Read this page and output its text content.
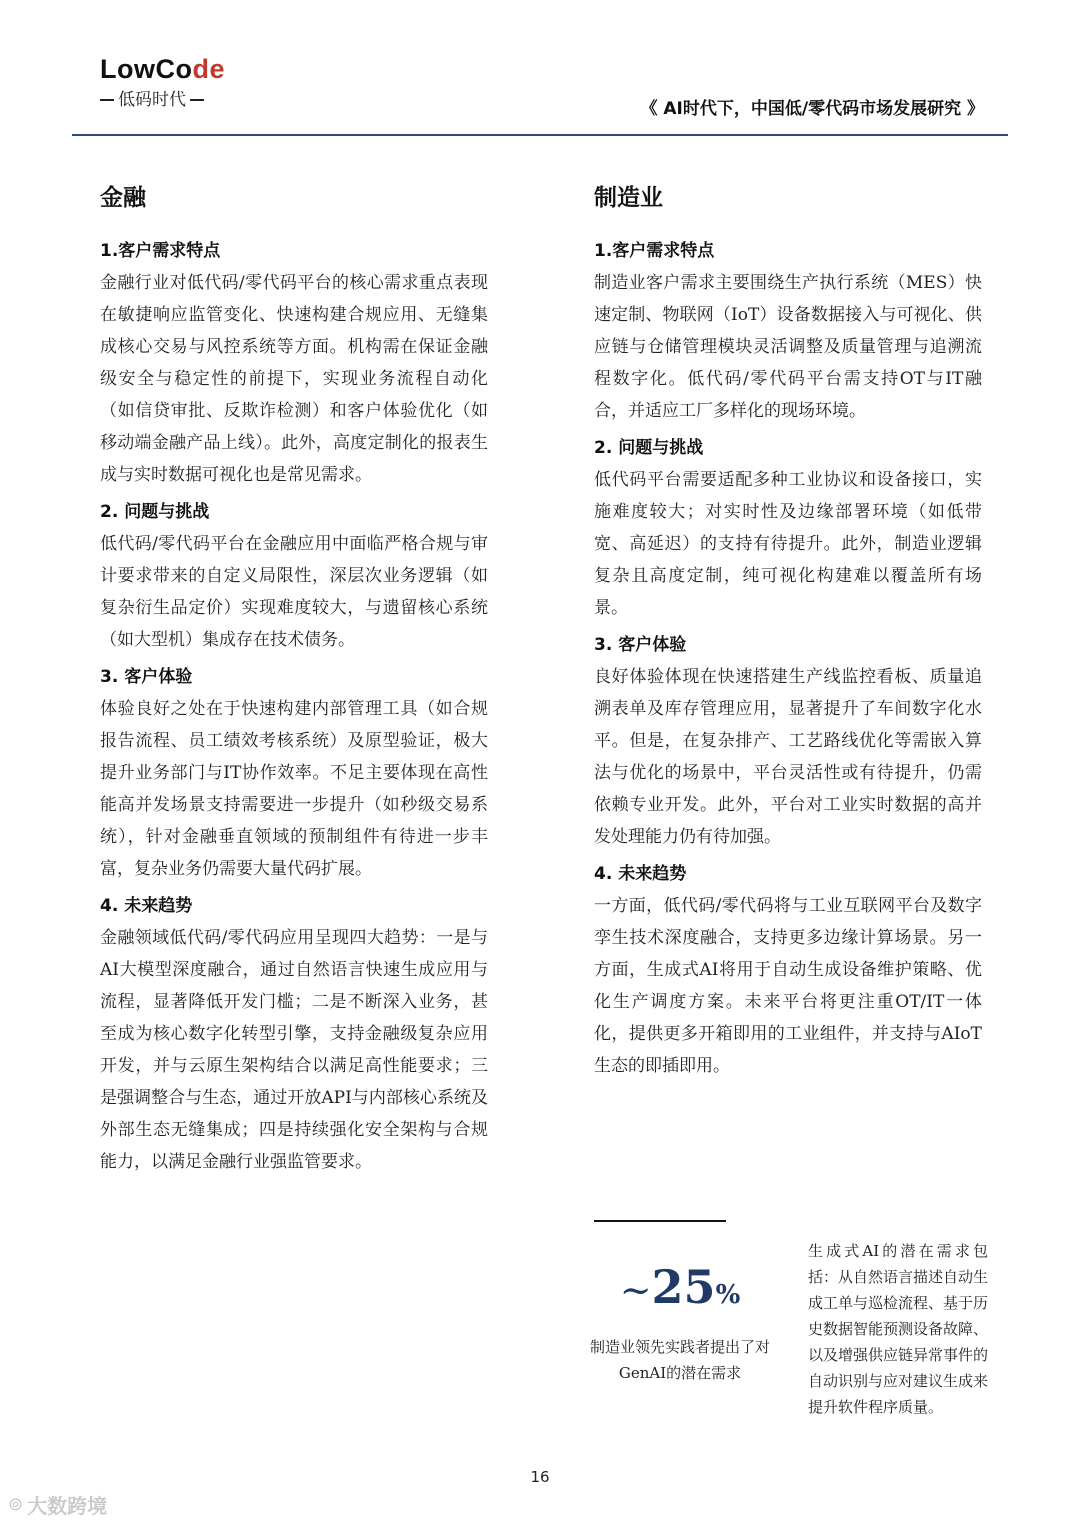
LowCode
低码时代	《 AI时代下，中国低/零代码市场发展研究 》
金融
1.客户需求特点

金融行业对低代码/零代码平台的核心需求重点表现在敏捷响应监管变化、快速构建合规应用、无缝集成核心交易与风控系统等方面。机构需在保证金融级安全与稳定性的前提下，实现业务流程自动化（如信贷审批、反欺诈检测）和客户体验优化（如移动端金融产品上线）。此外，高度定制化的报表生成与实时数据可视化也是常见需求。

2. 问题与挑战

低代码/零代码平台在金融应用中面临严格合规与审计要求带来的自定义局限性，深层次业务逻辑（如复杂衍生品定价）实现难度较大，与遗留核心系统（如大型机）集成存在技术债务。

3. 客户体验

体验良好之处在于快速构建内部管理工具（如合规报告流程、员工绩效考核系统）及原型验证，极大提升业务部门与IT协作效率。不足主要体现在高性能高并发场景支持需要进一步提升（如秒级交易系统），针对金融垂直领域的预制组件有待进一步丰富，复杂业务仍需要大量代码扩展。

4. 未来趋势

金融领域低代码/零代码应用呈现四大趋势：一是与AI大模型深度融合，通过自然语言快速生成应用与流程，显著降低开发门槛；二是不断深入业务，甚至成为核心数字化转型引擎，支持金融级复杂应用开发，并与云原生架构结合以满足高性能要求；三是强调整合与生态，通过开放API与内部核心系统及外部生态无缝集成；四是持续强化安全架构与合规能力，以满足金融行业强监管要求。

制造业
1.客户需求特点

制造业客户需求主要围绕生产执行系统（MES）快速定制、物联网（IoT）设备数据接入与可视化、供应链与仓储管理模块灵活调整及质量管理与追溯流程数字化。低代码/零代码平台需支持OT与IT融合，并适应工厂多样化的现场环境。

2. 问题与挑战

低代码平台需要适配多种工业协议和设备接口，实施难度较大；对实时性及边缘部署环境（如低带宽、高延迟）的支持有待提升。此外，制造业逻辑复杂且高度定制，纯可视化构建难以覆盖所有场景。

3. 客户体验

良好体验体现在快速搭建生产线监控看板、质量追溯表单及库存管理应用，显著提升了车间数字化水平。但是，在复杂排产、工艺路线优化等需嵌入算法与优化的场景中，平台灵活性或有待提升，仍需依赖专业开发。此外，平台对工业实时数据的高并发处理能力仍有待加强。

4. 未来趋势

一方面，低代码/零代码将与工业互联网平台及数字孪生技术深度融合，支持更多边缘计算场景。另一方面，生成式AI将用于自动生成设备维护策略、优化生产调度方案。未来平台将更注重OT/IT一体化，提供更多开箱即用的工业组件，并支持与AIoT生态的即插即用。

~25%
制造业领先实践者提出了对GenAI的潜在需求
生成式AI的潜在需求包括：从自然语言描述自动生成工单与巡检流程、基于历史数据智能预测设备故障、以及增强供应链异常事件的自动识别与应对建议生成来提升软件程序质量。
16
⊚ 大数跨境
